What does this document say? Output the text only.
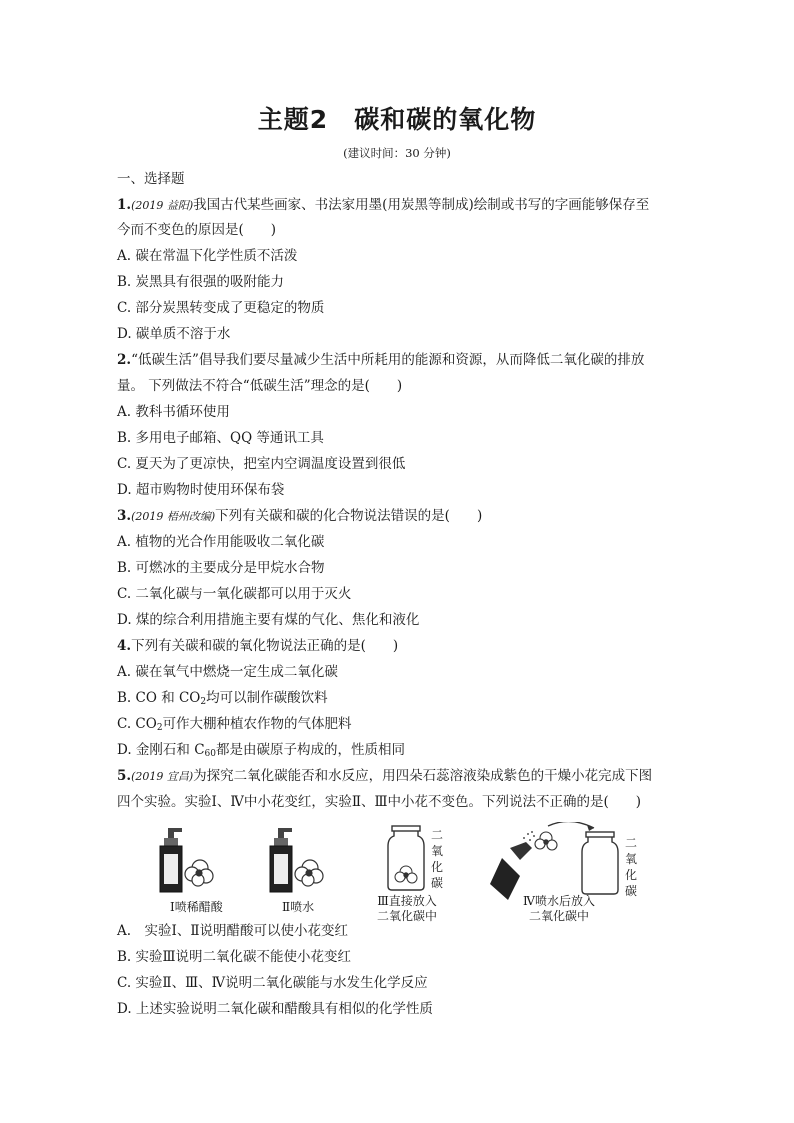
主题2 碳和碳的氧化物
(建议时间：30 分钟)
一、选择题
1.(2019 益阳)我国古代某些画家、书法家用墨(用炭黑等制成)绘制或书写的字画能够保存至
今而不变色的原因是(　　)
A. 碳在常温下化学性质不活泼
B. 炭黑具有很强的吸附能力
C. 部分炭黑转变成了更稳定的物质
D. 碳单质不溶于水
2.“低碳生活”倡导我们要尽量减少生活中所耗用的能源和资源，从而降低二氧化碳的排放
量。 下列做法不符合“低碳生活”理念的是(　　)
A. 教科书循环使用
B. 多用电子邮箱、QQ 等通讯工具
C. 夏天为了更凉快，把室内空调温度设置到很低
D. 超市购物时使用环保布袋
3.(2019 梧州改编)下列有关碳和碳的化合物说法错误的是(　　)
A. 植物的光合作用能吸收二氧化碳
B. 可燃冰的主要成分是甲烷水合物
C. 二氧化碳与一氧化碳都可以用于灭火
D. 煤的综合利用措施主要有煤的气化、焦化和液化
4.下列有关碳和碳的氧化物说法正确的是(　　)
A. 碳在氧气中燃烧一定生成二氧化碳
B. CO 和 $CO_2$均可以制作碳酸饮料
C. $CO_2$可作大棚种植农作物的气体肥料
D. 金刚石和 $C_{60}$都是由碳原子构成的，性质相同
5.(2019 宜昌)为探究二氧化碳能否和水反应，用四朵石蕊溶液染成紫色的干燥小花完成下图
四个实验。实验Ⅰ、Ⅳ中小花变红，实验Ⅱ、Ⅲ中小花不变色。下列说法不正确的是(　　)
Ⅰ喷稀醋酸	Ⅱ喷水	Ⅲ直接放入
二氧化碳中
Ⅳ喷水后放入
二氧化碳中
二
氧
化
碳
二
氧
化
碳
A.　实验Ⅰ、Ⅱ说明醋酸可以使小花变红
B. 实验Ⅲ说明二氧化碳不能使小花变红
C. 实验Ⅱ、Ⅲ、Ⅳ说明二氧化碳能与水发生化学反应
D. 上述实验说明二氧化碳和醋酸具有相似的化学性质
